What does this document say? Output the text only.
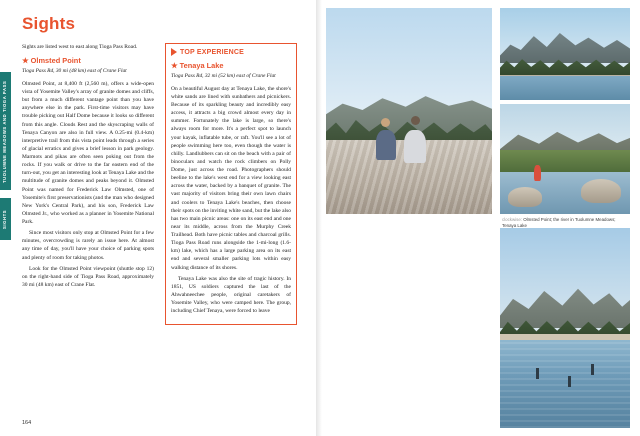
TUOLUMNE MEADOWS AND TIOGA PASS
SIGHTS
Sights

Sights are listed west to east along Tioga Pass Road.

★ Olmsted Point

Tioga Pass Rd, 30 mi (48 km) east of Crane Flat

Olmsted Point, at 8,400 ft (2,560 m), offers a wide-open vista of Yosemite Valley's array of granite domes and cliffs, but from a much different vantage point than you have anywhere else in the park. First-time visitors may have trouble picking out Half Dome because it looks so different from this angle. Clouds Rest and the skyscraping walls of Tenaya Canyon are also in full view. A 0.25-mi (0.4-km) interpretive trail from this vista point leads through a series of glacial erratics and gives a brief lesson in park geology. Marmots and pikas are often seen poking out from the rocks. If you walk or drive to the far eastern end of the turn-out, you get an interesting look at Tenaya Lake and the multitude of granite domes and peaks beyond it. Olmsted Point was named for Frederick Law Olmsted, one of Yosemite's first preservationists (and the man who designed New York's Central Park), and his son, Frederick Law Olmsted Jr., who worked as a planner in Yosemite National Park.

Since most visitors only stop at Olmsted Point for a few minutes, overcrowding is rarely an issue here. At almost any time of day, you'll have your choice of parking spots and plenty of room for taking photos.

Look for the Olmsted Point viewpoint (shuttle stop 12) on the right-hand side of Tioga Pass Road, approximately 30 mi (48 km) east of Crane Flat.

TOP EXPERIENCE
★ Tenaya Lake

Tioga Pass Rd, 32 mi (52 km) east of Crane Flat

On a beautiful August day at Tenaya Lake, the shore's white sands are lined with sunbathers and picnickers. Because of its sparkling beauty and incredibly easy access, it attracts a big crowd almost every day in summer. Fortunately the lake is large, so there's always room for more. It's a perfect spot to launch your kayak, inflatable tube, or raft. You'll see a lot of people swimming here too, even though the water is chilly. Landlubbers can sit on the beach with a pair of binoculars and watch the rock climbers on Polly Dome, just across the road. Photographers should beeline to the lake's west end for a view looking east across the water, backed by a banquet of granite. The vast majority of visitors bring their own lawn chairs and coolers to Tenaya Lake's beaches, then choose their spots on the inviting white sand, but the lake also has two main picnic areas: one on its east end and one near its middle, across from the Murphy Creek Trailhead. Both have picnic tables and charcoal grills. Tioga Pass Road runs alongside the 1-mi-long (1.6-km) lake, which has a large parking area on its east end and several smaller parking lots within easy walking distance of its shores.

Tenaya Lake was also the site of tragic history. In 1851, US soldiers captured the last of the Ahwahneechee people, original caretakers of Yosemite Valley, who were camped here. The group, including Chief Tenaya, were forced to leave

164
clockwise: Olmsted Point; the river in Tuolumne Meadows; Tenaya Lake
